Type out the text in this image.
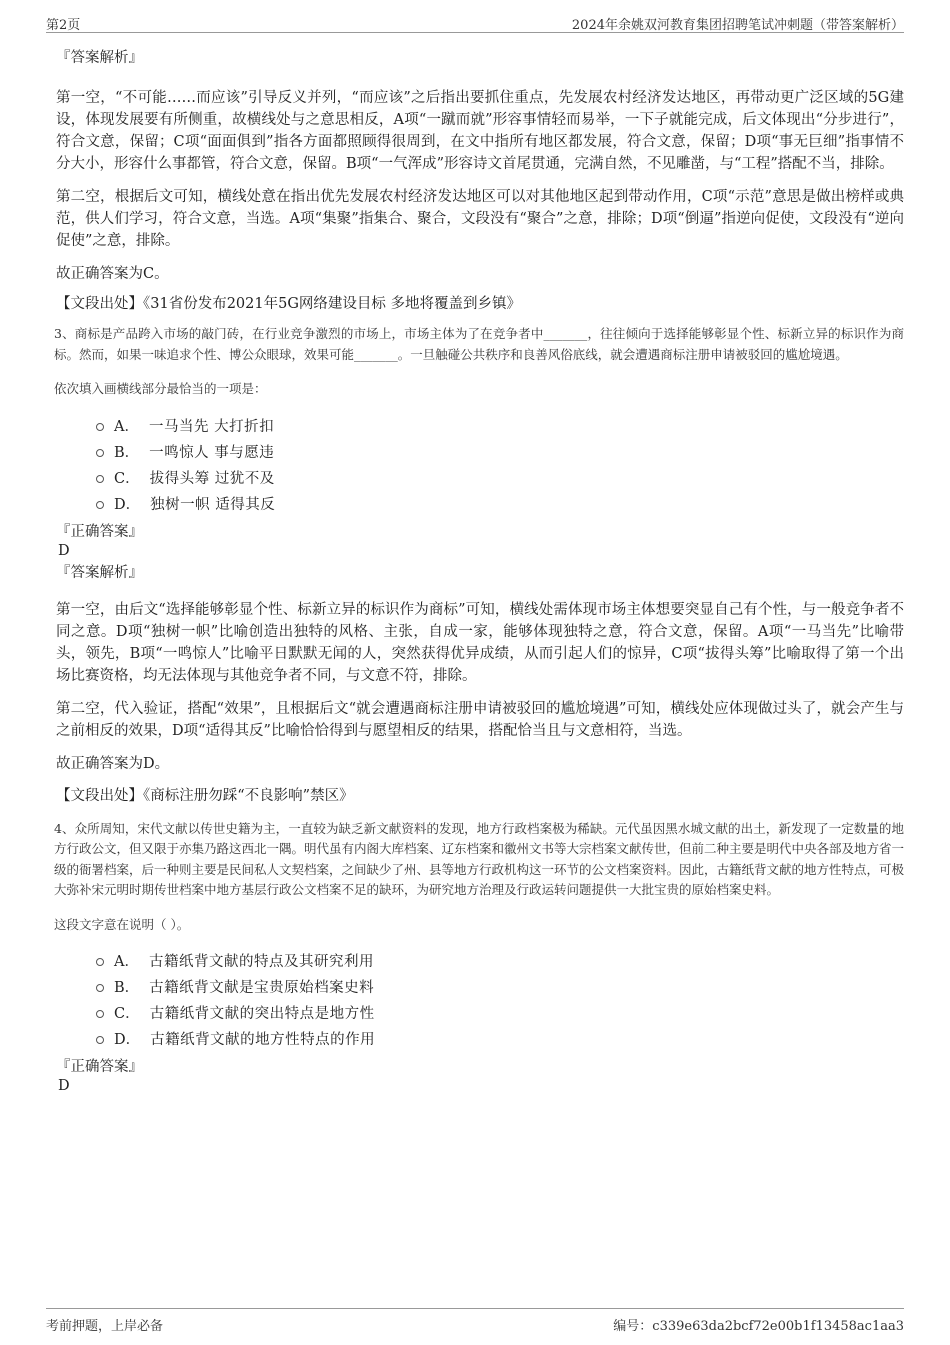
第2页	2024年余姚双河教育集团招聘笔试冲刺题（带答案解析）

『答案解析』

第一空，“不可能……而应该”引导反义并列，“而应该”之后指出要抓住重点，先发展农村经济发达地区，再带动更广泛区域的5G建设，体现发展要有所侧重，故横线处与之意思相反，A项“一蹴而就”形容事情轻而易举，一下子就能完成，后文体现出“分步进行”，符合文意，保留；C项“面面俱到”指各方面都照顾得很周到，在文中指所有地区都发展，符合文意，保留；D项“事无巨细”指事情不分大小，形容什么事都管，符合文意，保留。B项“一气浑成”形容诗文首尾贯通，完满自然，不见雕凿，与“工程”搭配不当，排除。

第二空，根据后文可知，横线处意在指出优先发展农村经济发达地区可以对其他地区起到带动作用，C项“示范”意思是做出榜样或典范，供人们学习，符合文意，当选。A项“集聚”指集合、聚合，文段没有“聚合”之意，排除；D项“倒逼”指逆向促使，文段没有“逆向促使”之意，排除。

故正确答案为C。

【文段出处】《31省份发布2021年5G网络建设目标 多地将覆盖到乡镇》

3、商标是产品跨入市场的敲门砖，在行业竞争激烈的市场上，市场主体为了在竞争者中_______，往往倾向于选择能够彰显个性、标新立异的标识作为商标。然而，如果一味追求个性、博公众眼球，效果可能_______。一旦触碰公共秩序和良善风俗底线，就会遭遇商标注册申请被驳回的尴尬境遇。

依次填入画横线部分最恰当的一项是：

A． 一马当先 大打折扣
B． 一鸣惊人 事与愿违
C． 拔得头筹 过犹不及
D． 独树一帜 适得其反

『正确答案』

D

『答案解析』

第一空，由后文“选择能够彰显个性、标新立异的标识作为商标”可知，横线处需体现市场主体想要突显自己有个性，与一般竞争者不同之意。D项“独树一帜”比喻创造出独特的风格、主张，自成一家，能够体现独特之意，符合文意，保留。A项“一马当先”比喻带头，领先，B项“一鸣惊人”比喻平日默默无闻的人，突然获得优异成绩，从而引起人们的惊异，C项“拔得头筹”比喻取得了第一个出场比赛资格，均无法体现与其他竞争者不同，与文意不符，排除。

第二空，代入验证，搭配“效果”，且根据后文“就会遭遇商标注册申请被驳回的尴尬境遇”可知，横线处应体现做过头了，就会产生与之前相反的效果，D项“适得其反”比喻恰恰得到与愿望相反的结果，搭配恰当且与文意相符，当选。

故正确答案为D。

【文段出处】《商标注册勿踩“不良影响”禁区》

4、众所周知，宋代文献以传世史籍为主，一直较为缺乏新文献资料的发现，地方行政档案极为稀缺。元代虽因黑水城文献的出土，新发现了一定数量的地方行政公文，但又限于亦集乃路这西北一隅。明代虽有内阁大库档案、辽东档案和徽州文书等大宗档案文献传世，但前二种主要是明代中央各部及地方省一级的衙署档案，后一种则主要是民间私人文契档案，之间缺少了州、县等地方行政机构这一环节的公文档案资料。因此，古籍纸背文献的地方性特点，可极大弥补宋元明时期传世档案中地方基层行政公文档案不足的缺环，为研究地方治理及行政运转问题提供一大批宝贵的原始档案史料。

这段文字意在说明（ ）。

A． 古籍纸背文献的特点及其研究利用
B． 古籍纸背文献是宝贵原始档案史料
C． 古籍纸背文献的突出特点是地方性
D． 古籍纸背文献的地方性特点的作用

『正确答案』

D

考前押题，上岸必备	编号：c339e63da2bcf72e00b1f13458ac1aa3
